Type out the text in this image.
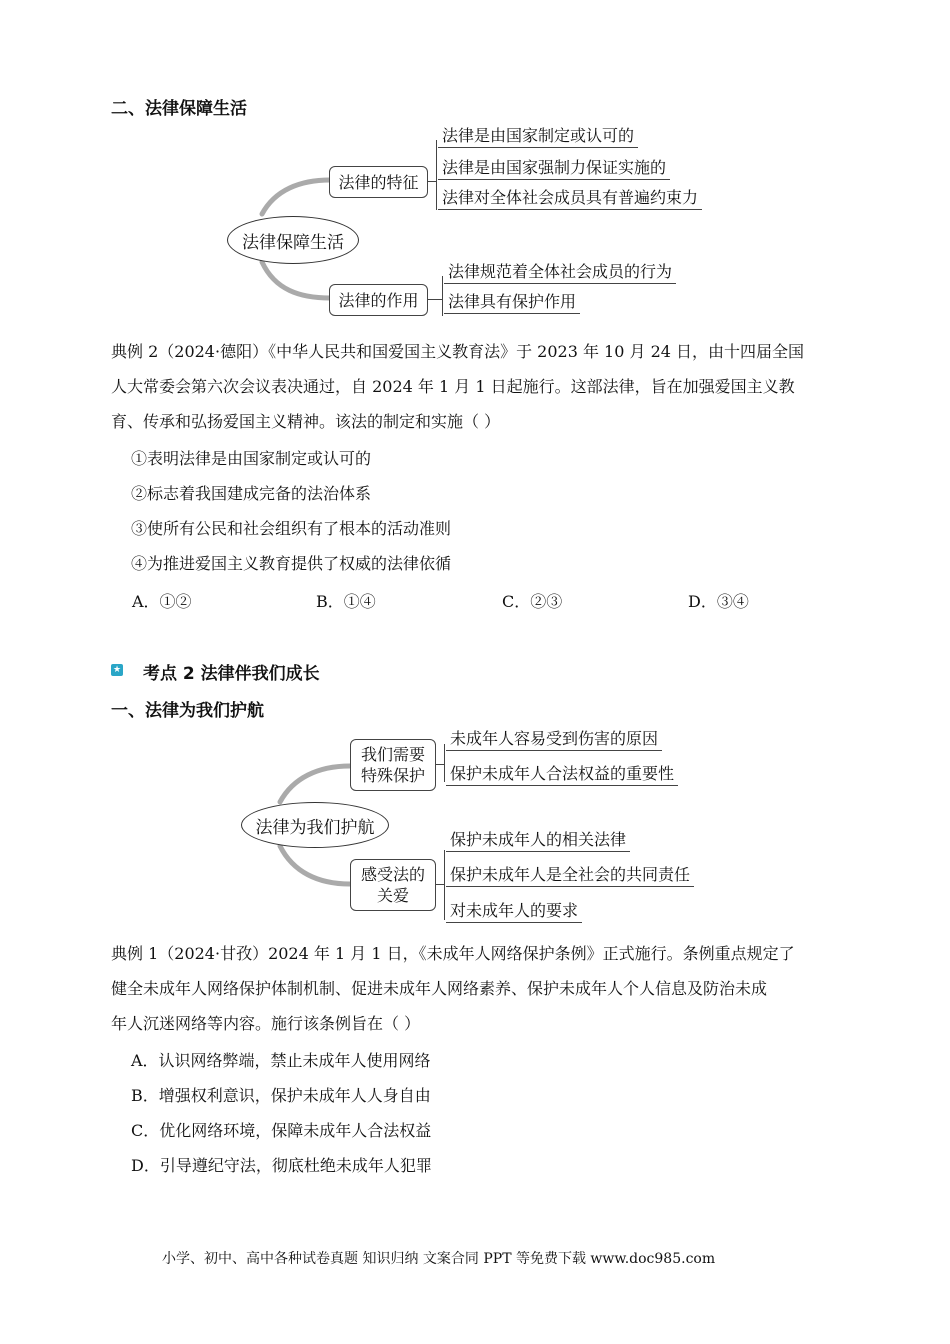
二、法律保障生活
法律保障生活
法律的特征
法律是由国家制定或认可的
法律是由国家强制力保证实施的
法律对全体社会成员具有普遍约束力
法律的作用
法律规范着全体社会成员的行为
法律具有保护作用
典例 2（2024·德阳）《中华人民共和国爱国主义教育法》于 2023 年 10 月 24 日，由十四届全国
人大常委会第六次会议表决通过，自 2024 年 1 月 1 日起施行。这部法律，旨在加强爱国主义教
育、传承和弘扬爱国主义精神。该法的制定和实施（ ）
①表明法律是由国家制定或认可的
②标志着我国建成完备的法治体系
③使所有公民和社会组织有了根本的活动准则
④为推进爱国主义教育提供了权威的法律依循
A．①②	B．①④	C．②③	D．③④
★ 考点 2 法律伴我们成长
一、法律为我们护航
法律为我们护航
我们需要
特殊保护
未成年人容易受到伤害的原因
保护未成年人合法权益的重要性
感受法的
关爱
保护未成年人的相关法律
保护未成年人是全社会的共同责任
对未成年人的要求
典例 1（2024·甘孜）2024 年 1 月 1 日，《未成年人网络保护条例》正式施行。条例重点规定了
健全未成年人网络保护体制机制、促进未成年人网络素养、保护未成年人个人信息及防治未成
年人沉迷网络等内容。施行该条例旨在（ ）
A．认识网络弊端，禁止未成年人使用网络
B．增强权利意识，保护未成年人人身自由
C．优化网络环境，保障未成年人合法权益
D．引导遵纪守法，彻底杜绝未成年人犯罪
小学、初中、高中各种试卷真题 知识归纳 文案合同 PPT 等免费下载 www.doc985.com
